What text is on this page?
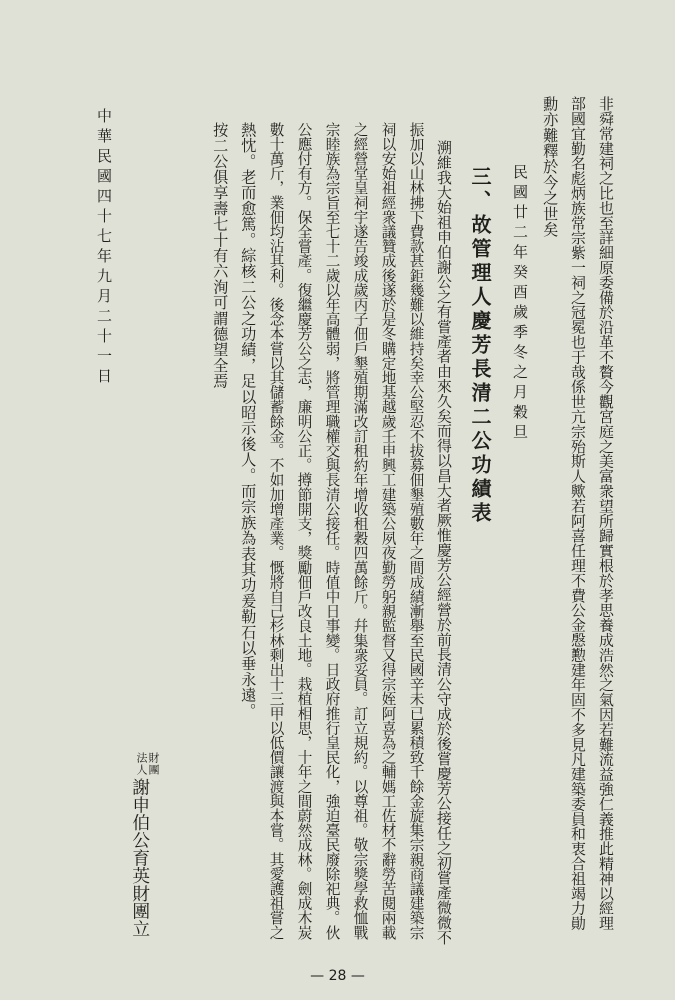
非舜常建祠之比也至詳細原委備於沿革不贅今觀宮庭之美富衆望所歸實根於孝思養成浩然之氣因若難流益強仁義推此精神以經理
部國宜勤名彪炳族常宗紫一祠之冠冕也于哉係世亢宗殆斯人歟若阿喜任理不費公金慇懃建年固不多見凡建築委員和衷合祖竭力勛
勳亦難釋於今之世矣
民國廿二年癸酉歲季冬之月穀旦
三、故管理人慶芳長清二公功績表
溯維我大始祖申伯謝公之有嘗產者由來久矣而得以昌大者厥惟慶芳公經營於前長清公守成於後嘗慶芳公接任之初嘗產微微不
振加以山林拂下費款甚鉅幾難以維持矣幸公堅忍不拔募佃墾殖數年之間成績漸舉至民國辛未已累積致千餘金旋集宗親商議建築宗
祠以安始祖經衆議贊成後遂於是冬購定地基越歲壬申興工建築公夙夜勤勞躬親監督又得宗姪阿喜為之輔媽工佐材不辭勞苦閱兩載
之經營堂皇祠宇遂告竣成歲丙子佃戶墾殖期滿改訂租約年增收租穀四萬餘斤。幷集衆妥員。訂立規約。以尊祖。敬宗獎學救恤戰
宗睦族為宗旨至七十二歲以年高體弱，將管理職權交與長清公接任。時值中日事變。日政府推行皇民化，強迫臺民廢除祀典。伙
公應付有方。保全嘗產。復繼慶芳公之志，廉明公正。撙節開支，獎勵佃戶改良土地。栽植相思，十年之間蔚然成林。劍成木炭
數十萬斤，業佃均沾其利。後念本嘗以其儲蓄餘金。不如加增產業。慨將自己杉林剩出十三甲以低價讓渡與本嘗。其愛護祖嘗之
熱忱。老而愈篤。綜核二公之功績，足以昭示後人。而宗族為表其功爰勒石以垂永遠。
按二公俱享壽七十有六洵可謂德望全焉
中華民國四十七年九月二十一日
財團
法人
謝申伯公育英財團立
— 28 —
